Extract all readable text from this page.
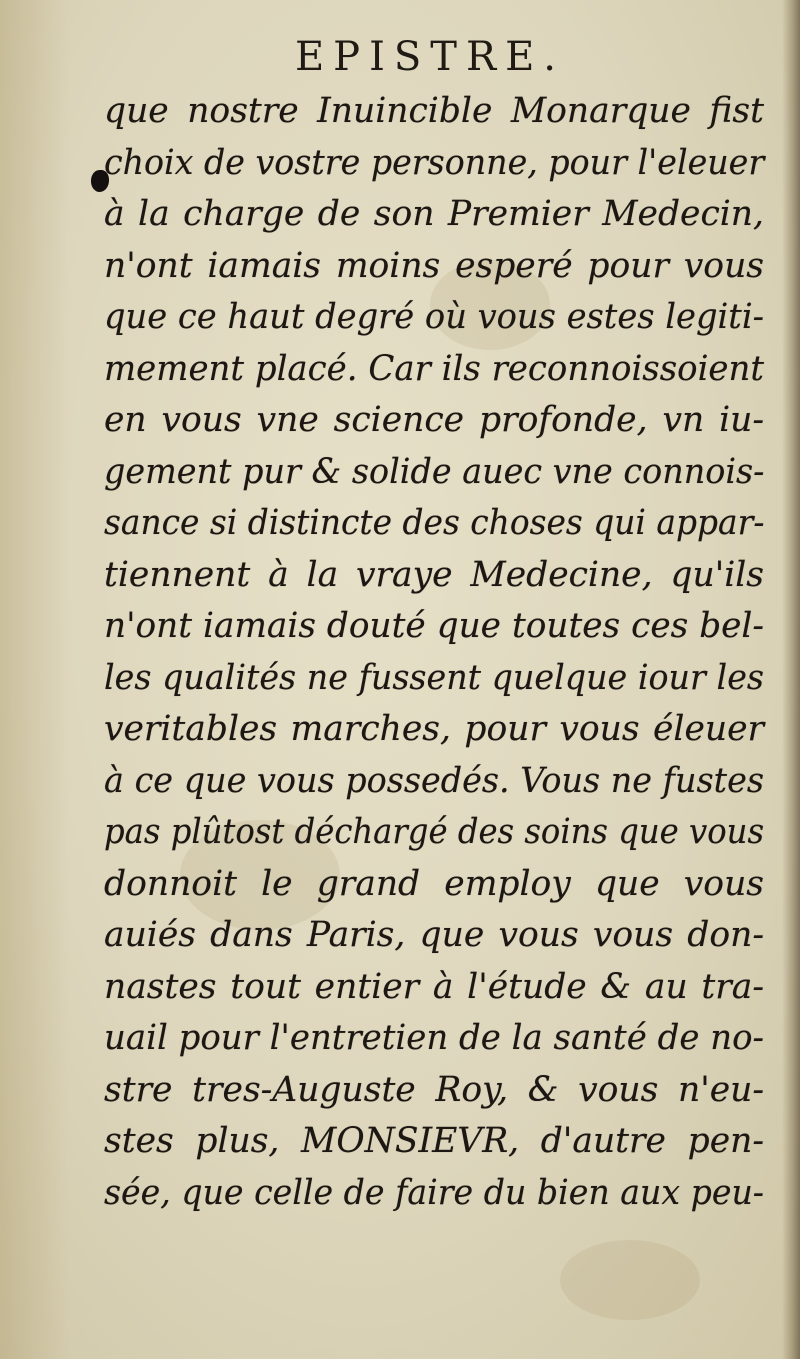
EPISTRE.
que nostre Inuincible Monarque fist
choix de vostre personne, pour l'eleuer
à la charge de son Premier Medecin,
n'ont iamais moins esperé pour vous
que ce haut degré où vous estes legiti-
mement placé. Car ils reconnoissoient
en vous vne science profonde, vn iu-
gement pur & solide auec vne connois-
sance si distincte des choses qui appar-
tiennent à la vraye Medecine, qu'ils
n'ont iamais douté que toutes ces bel-
les qualités ne fussent quelque iour les
veritables marches, pour vous éleuer
à ce que vous possedés. Vous ne fustes
pas plûtost déchargé des soins que vous
donnoit le grand employ que vous
auiés dans Paris, que vous vous don-
nastes tout entier à l'étude & au tra-
uail pour l'entretien de la santé de no-
stre tres-Auguste Roy, & vous n'eu-
stes plus, MONSIEVR, d'autre pen-
sée, que celle de faire du bien aux peu-
